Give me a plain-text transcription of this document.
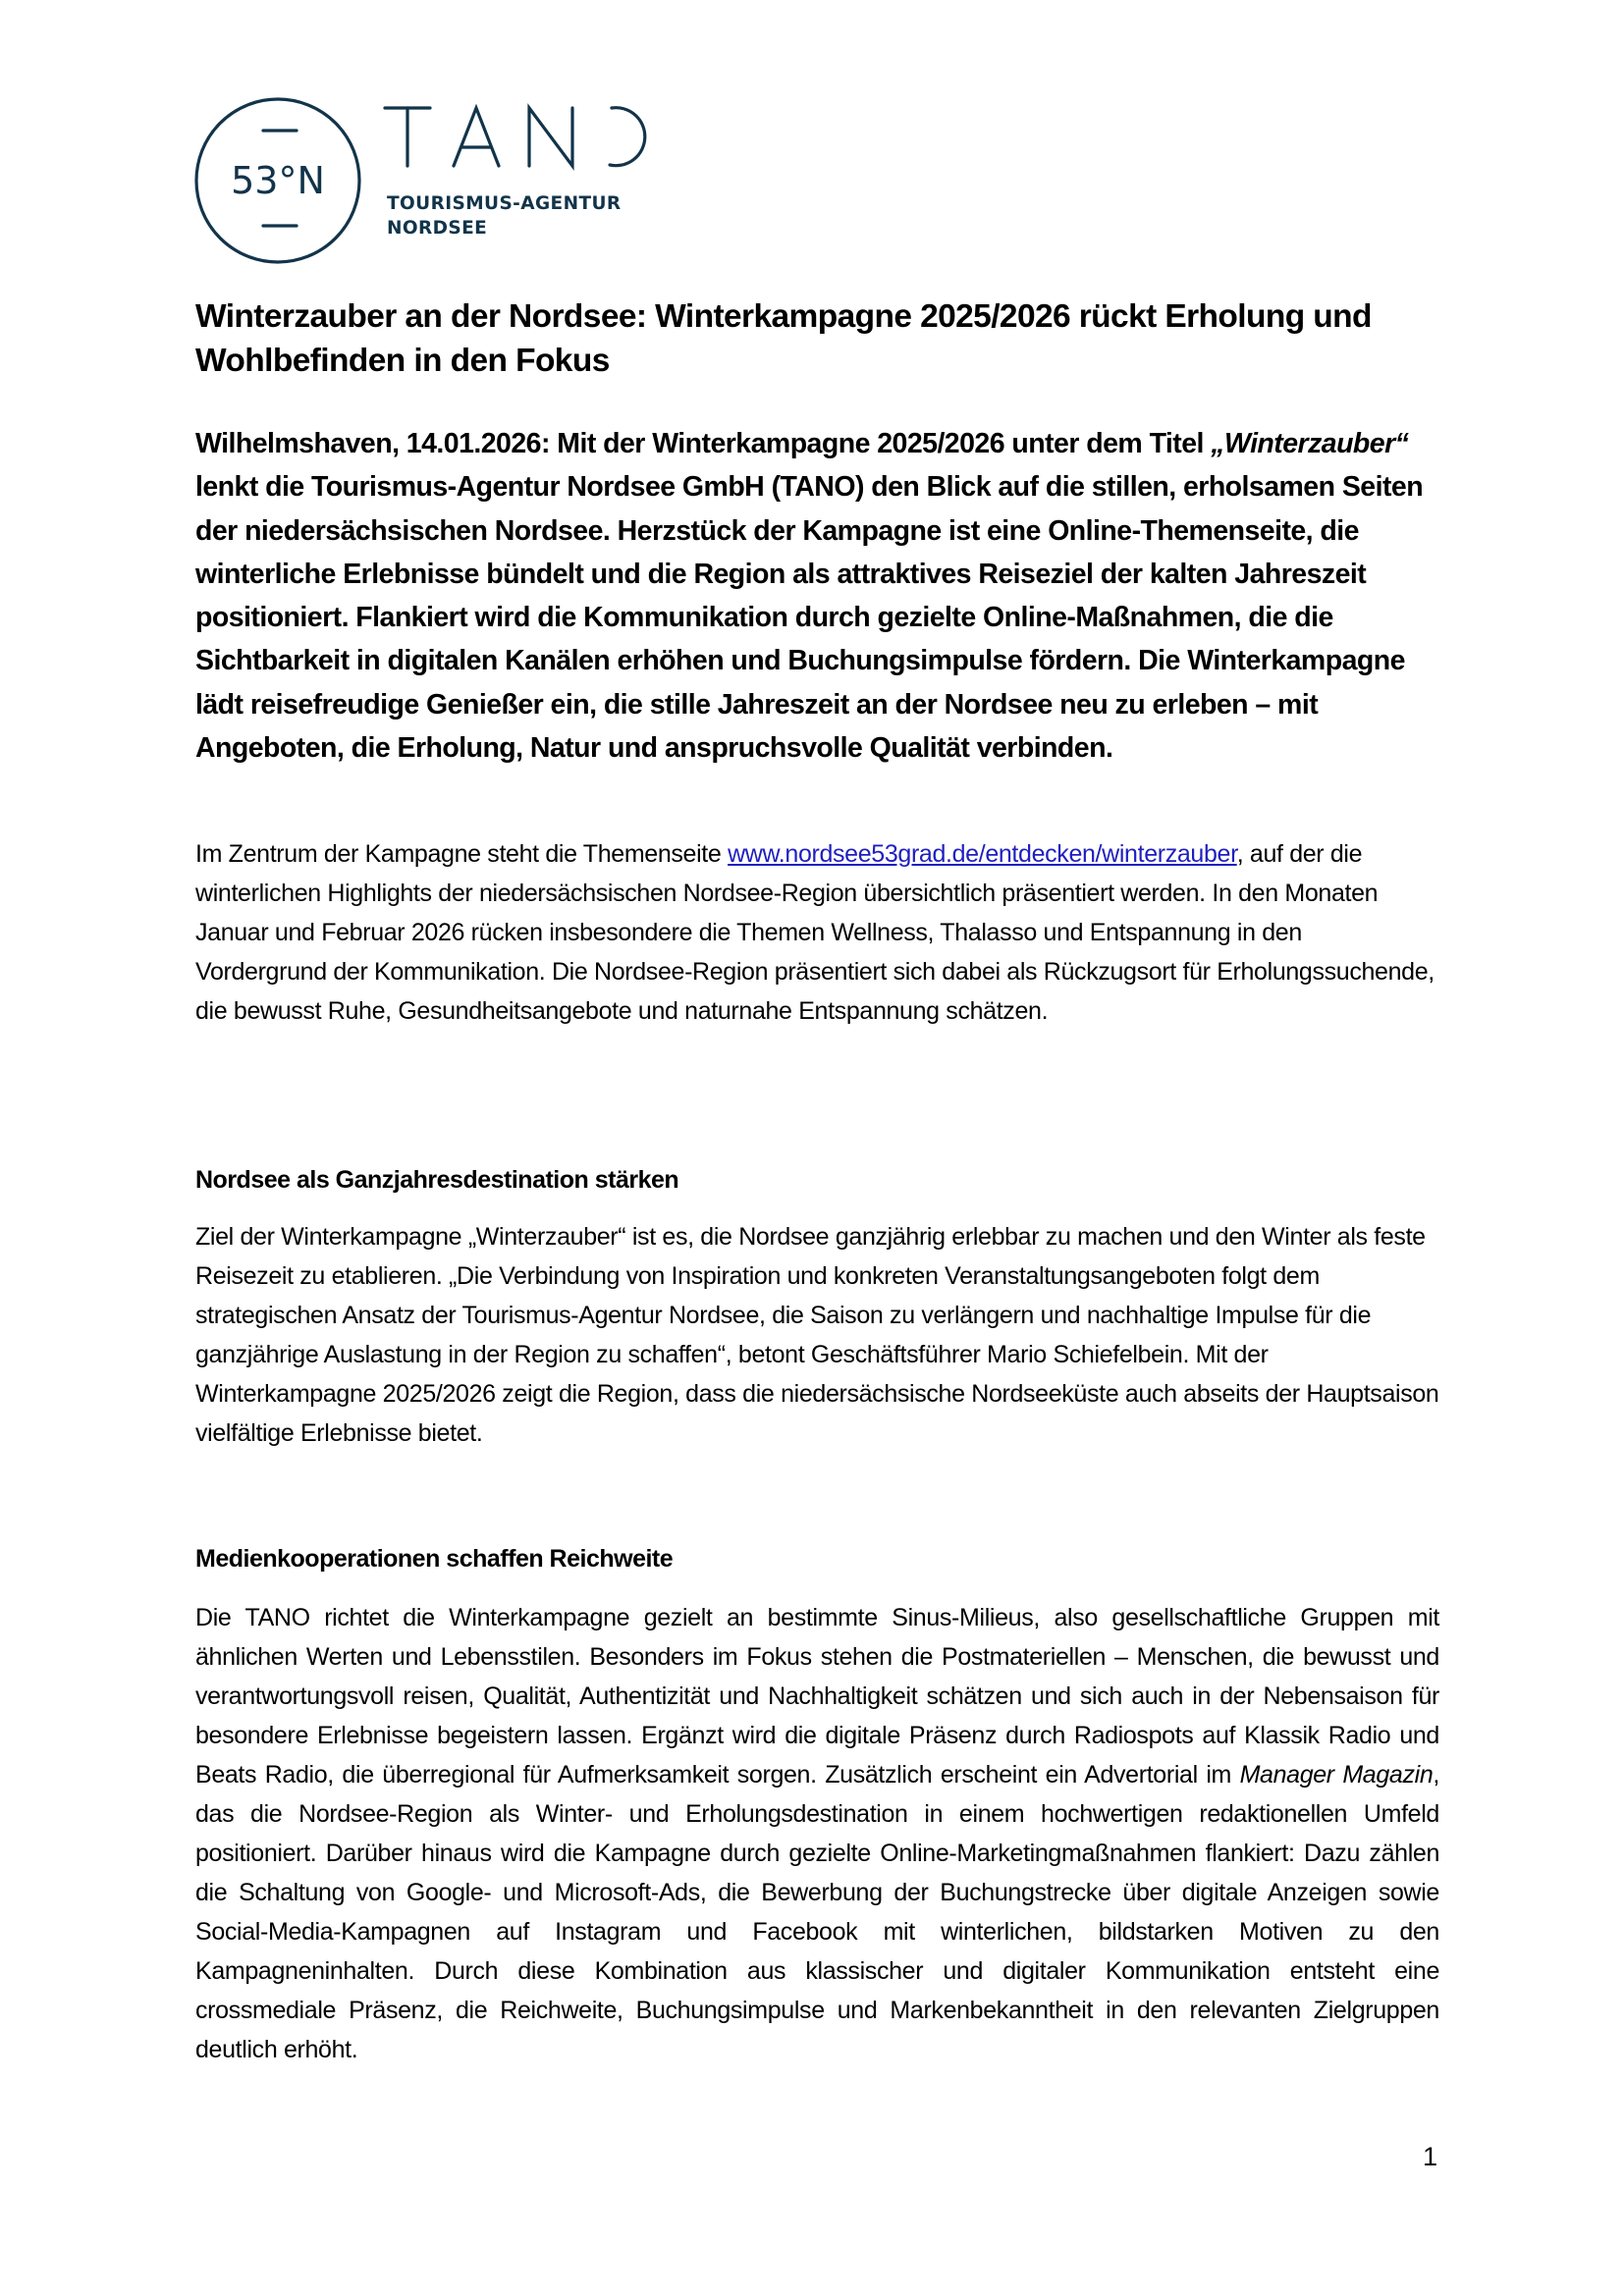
53°N
TOURISMUS-AGENTUR
NORDSEE
Winterzauber an der Nordsee: Winterkampagne 2025/2026 rückt Erholung und Wohlbefinden in den Fokus

Wilhelmshaven, 14.01.2026: Mit der Winterkampagne 2025/2026 unter dem Titel „Winterzauber“ lenkt die Tourismus-Agentur Nordsee GmbH (TANO) den Blick auf die stillen, erholsamen Seiten der niedersächsischen Nordsee. Herzstück der Kampagne ist eine Online-Themenseite, die winterliche Erlebnisse bündelt und die Region als attraktives Reiseziel der kalten Jahreszeit positioniert. Flankiert wird die Kommunikation durch gezielte Online-Maßnahmen, die die Sichtbarkeit in digitalen Kanälen erhöhen und Buchungsimpulse fördern. Die Winterkampagne lädt reisefreudige Genießer ein, die stille Jahreszeit an der Nordsee neu zu erleben – mit Angeboten, die Erholung, Natur und anspruchsvolle Qualität verbinden.

Im Zentrum der Kampagne steht die Themenseite www.nordsee53grad.de/entdecken/winterzauber, auf der die winterlichen Highlights der niedersächsischen Nordsee-Region übersichtlich präsentiert werden. In den Monaten Januar und Februar 2026 rücken insbesondere die Themen Wellness, Thalasso und Entspannung in den Vordergrund der Kommunikation. Die Nordsee-Region präsentiert sich dabei als Rückzugsort für Erholungssuchende, die bewusst Ruhe, Gesundheitsangebote und naturnahe Entspannung schätzen.

Nordsee als Ganzjahresdestination stärken

Ziel der Winterkampagne „Winterzauber“ ist es, die Nordsee ganzjährig erlebbar zu machen und den Winter als feste Reisezeit zu etablieren. „Die Verbindung von Inspiration und konkreten Veranstaltungsangeboten folgt dem strategischen Ansatz der Tourismus-Agentur Nordsee, die Saison zu verlängern und nachhaltige Impulse für die ganzjährige Auslastung in der Region zu schaffen“, betont Geschäftsführer Mario Schiefelbein. Mit der Winterkampagne 2025/2026 zeigt die Region, dass die niedersächsische Nordseeküste auch abseits der Hauptsaison vielfältige Erlebnisse bietet.

Medienkooperationen schaffen Reichweite

Die TANO richtet die Winterkampagne gezielt an bestimmte Sinus-Milieus, also gesellschaftliche Gruppen mit ähnlichen Werten und Lebensstilen. Besonders im Fokus stehen die Postmateriellen – Menschen, die bewusst und verantwortungsvoll reisen, Qualität, Authentizität und Nachhaltigkeit schätzen und sich auch in der Nebensaison für besondere Erlebnisse begeistern lassen. Ergänzt wird die digitale Präsenz durch Radiospots auf Klassik Radio und Beats Radio, die überregional für Aufmerksamkeit sorgen. Zusätzlich erscheint ein Advertorial im Manager Magazin, das die Nordsee-Region als Winter- und Erholungsdestination in einem hochwertigen redaktionellen Umfeld positioniert. Darüber hinaus wird die Kampagne durch gezielte Online-Marketingmaßnahmen flankiert: Dazu zählen die Schaltung von Google- und Microsoft-Ads, die Bewerbung der Buchungstrecke über digitale Anzeigen sowie Social-Media-Kampagnen auf Instagram und Facebook mit winterlichen, bildstarken Motiven zu den Kampagneninhalten. Durch diese Kombination aus klassischer und digitaler Kommunikation entsteht eine crossmediale Präsenz, die Reichweite, Buchungsimpulse und Markenbekanntheit in den relevanten Zielgruppen deutlich erhöht.

1
